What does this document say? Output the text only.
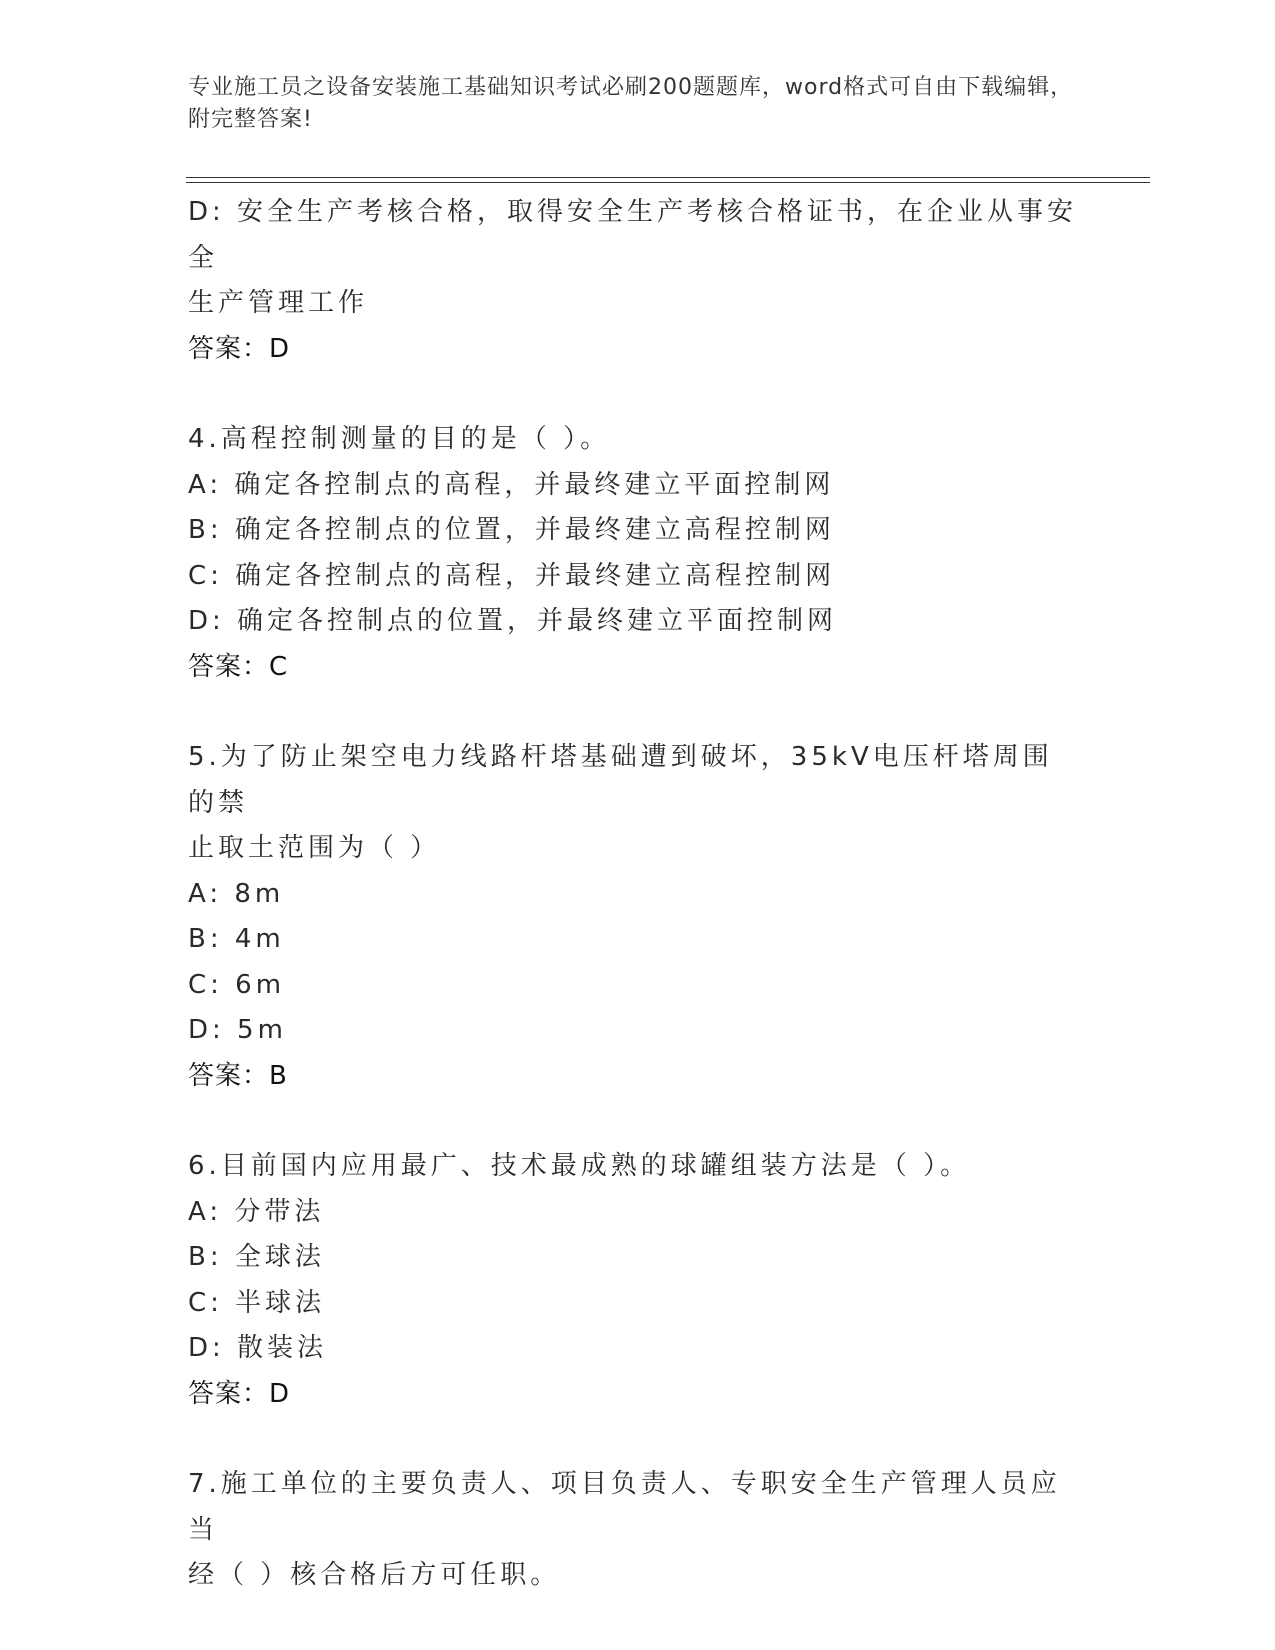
专业施工员之设备安装施工基础知识考试必刷200题题库，word格式可自由下载编辑，附完整答案!
D: 安全生产考核合格，取得安全生产考核合格证书，在企业从事安全
生产管理工作
答案：D
4.高程控制测量的目的是（ ）。
A: 确定各控制点的高程，并最终建立平面控制网
B: 确定各控制点的位置，并最终建立高程控制网
C: 确定各控制点的高程，并最终建立高程控制网
D: 确定各控制点的位置，并最终建立平面控制网
答案：C
5.为了防止架空电力线路杆塔基础遭到破坏，35kV电压杆塔周围的禁
止取土范围为（ ）
A: 8m
B: 4m
C: 6m
D: 5m
答案：B
6.目前国内应用最广、技术最成熟的球罐组装方法是（ ）。
A: 分带法
B: 全球法
C: 半球法
D: 散装法
答案：D
7.施工单位的主要负责人、项目负责人、专职安全生产管理人员应当
经（ ）核合格后方可任职。
